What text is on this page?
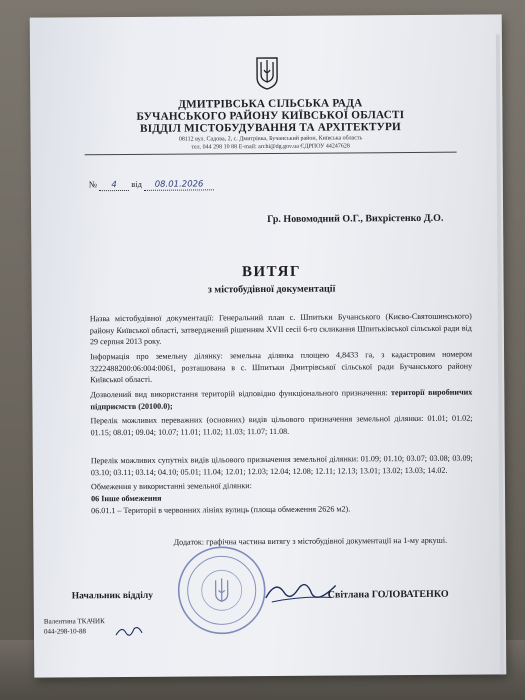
ДМИТРІВСЬКА СІЛЬСЬКА РАДА
БУЧАНСЬКОГО РАЙОНУ КИЇВСЬКОЇ ОБЛАСТІ
ВІДДІЛ МІСТОБУДУВАННЯ ТА АРХІТЕКТУРИ
08112 вул. Садова, 2, с. Дмитрівка, Бучанський район, Київська область
тел. 044 298 10 88 E-mail: archi@dg.gov.ua ЄДРПОУ 44247628
№ 4 від 08.01.2026
Гр. Новомодний О.Г., Вихрістенко Д.О.
ВИТЯГ
з містобудівної документації
Назва містобудівної документації: Генеральний план с. Шпитьки Бучанського (Києво-Святошинського) району Київської області, затверджений рішенням XVII сесії 6-го скликання Шпитьківської сільської ради від 29 серпня 2013 року.
Інформація про земельну ділянку: земельна ділянка площею 4,8433 га, з кадастровим номером 3222488200:06:004:0061, розташована в с. Шпитьки Дмитрівської сільської ради Бучанського району Київської області.
Дозволений вид використання територій відповідно функціонального призначення: території виробничих підприємств (20100.0);
Перелік можливих переважних (основних) видів цільового призначення земельної ділянки: 01.01; 01.02; 01.15; 08.01; 09.04; 10.07; 11.01; 11.02; 11.03; 11.07; 11.08.
Перелік можливих супутніх видів цільового призначення земельної ділянки: 01.09; 01.10; 03.07; 03.08; 03.09; 03.10; 03.11; 03.14; 04.10; 05.01; 11.04; 12.01; 12.03; 12.04; 12.08; 12.11; 12.13; 13.01; 13.02; 13.03; 14.02.
Обмеження у використанні земельної ділянки:
06 Інше обмеження
06.01.1 – Території в червонних лініях вулиць (площа обмеження 2626 м2).
Додаток: графічна частина витягу з містобудівної документації на 1-му аркуші.
Начальник відділу	Світлана ГОЛОВАТЕНКО
Валентина ТКАЧИК
044-298-10-88
